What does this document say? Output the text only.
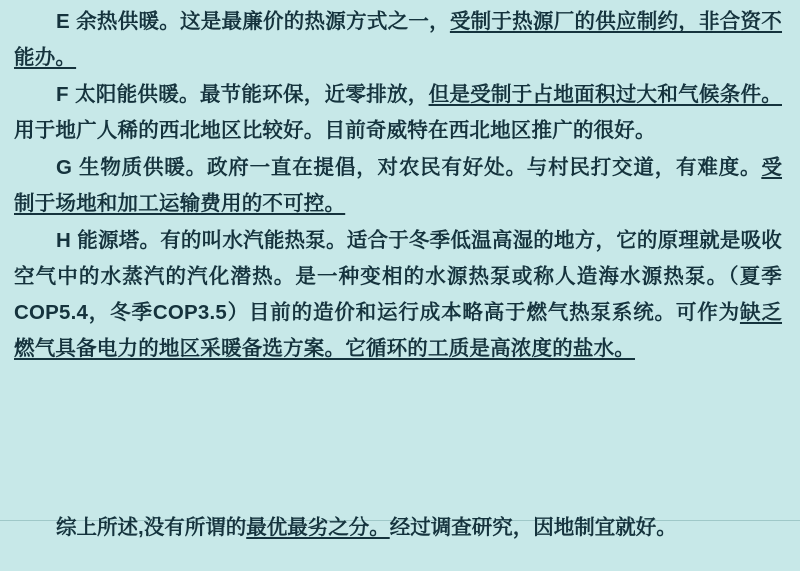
E 余热供暖。这是最廉价的热源方式之一，受制于热源厂的供应制约，非合资不能办。

F 太阳能供暖。最节能环保，近零排放，但是受制于占地面积过大和气候条件。用于地广人稀的西北地区比较好。目前奇威特在西北地区推广的很好。

G 生物质供暖。政府一直在提倡，对农民有好处。与村民打交道，有难度。受制于场地和加工运输费用的不可控。

H 能源塔。有的叫水汽能热泵。适合于冬季低温高湿的地方，它的原理就是吸收空气中的水蒸汽的汽化潜热。是一种变相的水源热泵或称人造海水源热泵。（夏季COP5.4，冬季COP3.5）目前的造价和运行成本略高于燃气热泵系统。可作为缺乏燃气具备电力的地区采暖备选方案。它循环的工质是高浓度的盐水。

综上所述,没有所谓的最优最劣之分。经过调查研究，因地制宜就好。
